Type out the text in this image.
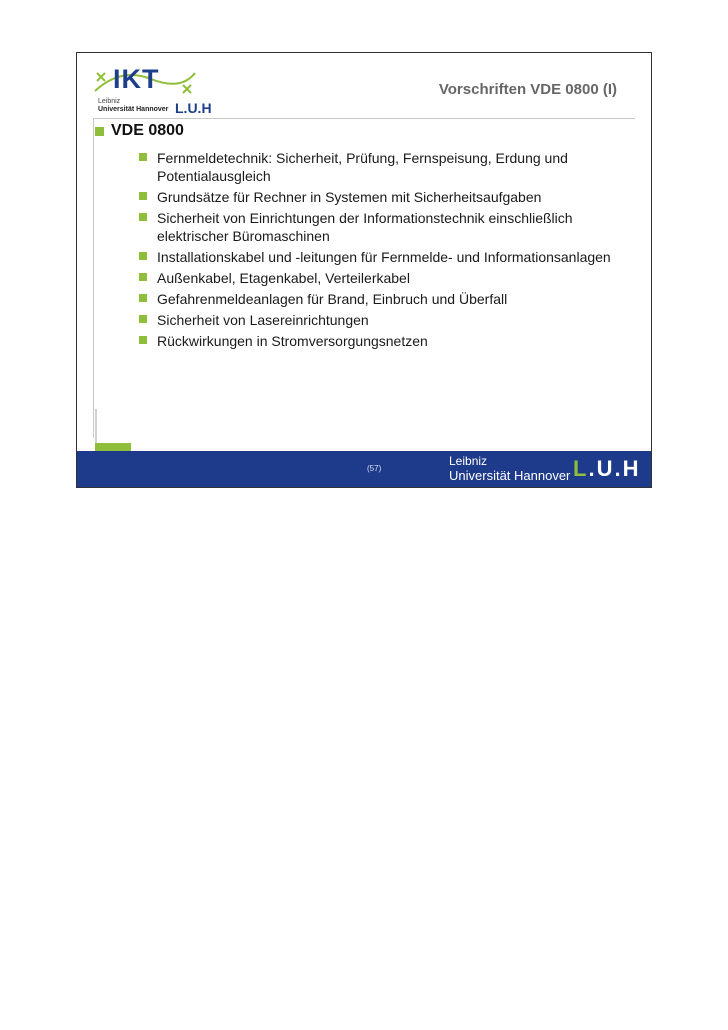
IKT
Leibniz
Universität Hannover L.U.H
Vorschriften VDE 0800 (I)
VDE 0800
Fernmeldetechnik: Sicherheit, Prüfung, Fernspeisung, Erdung und Potentialausgleich
Grundsätze für Rechner in Systemen mit Sicherheitsaufgaben
Sicherheit von Einrichtungen der Informationstechnik einschließlich elektrischer Büromaschinen
Installationskabel und -leitungen für Fernmelde- und Informationsanlagen
Außenkabel, Etagenkabel, Verteilerkabel
Gefahrenmeldeanlagen für Brand, Einbruch und Überfall
Sicherheit von Lasereinrichtungen
Rückwirkungen in Stromversorgungsnetzen
(57)
Leibniz
Universität Hannover L.U.H
